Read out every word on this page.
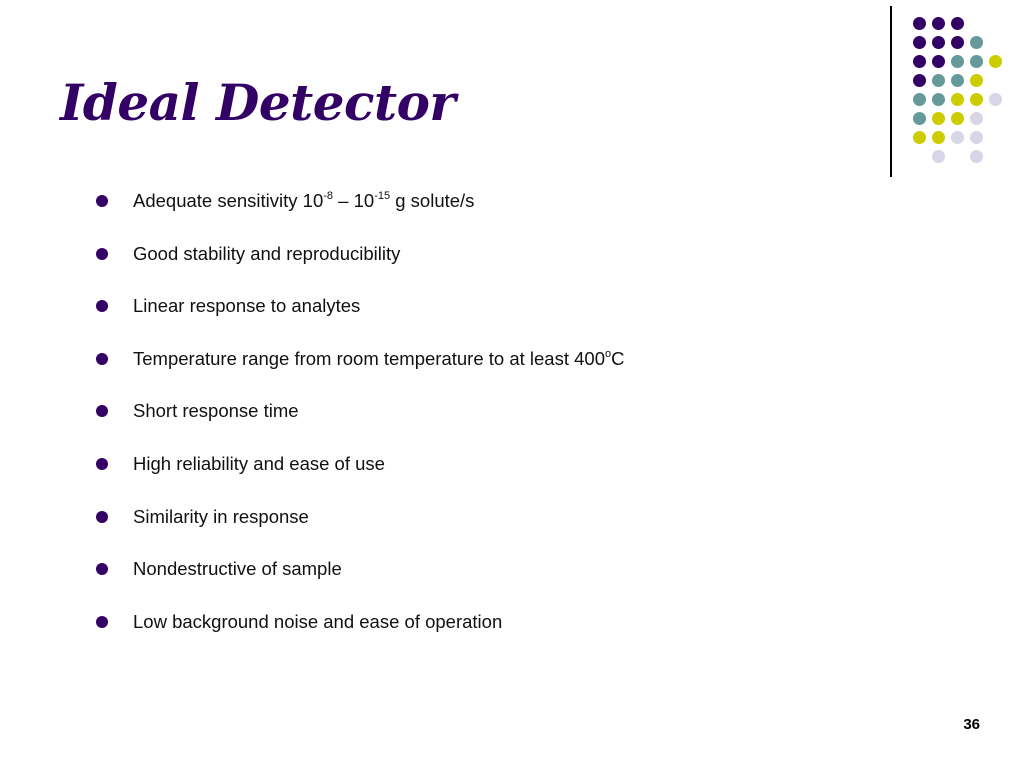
Ideal Detector
Adequate sensitivity $10^{-8} - 10^{-15}$ g solute/s
Good stability and reproducibility
Linear response to analytes
Temperature range from room temperature to at least 400$^o$C
Short response time
High reliability and ease of use
Similarity in response
Nondestructive of sample
Low background noise and ease of operation
36
